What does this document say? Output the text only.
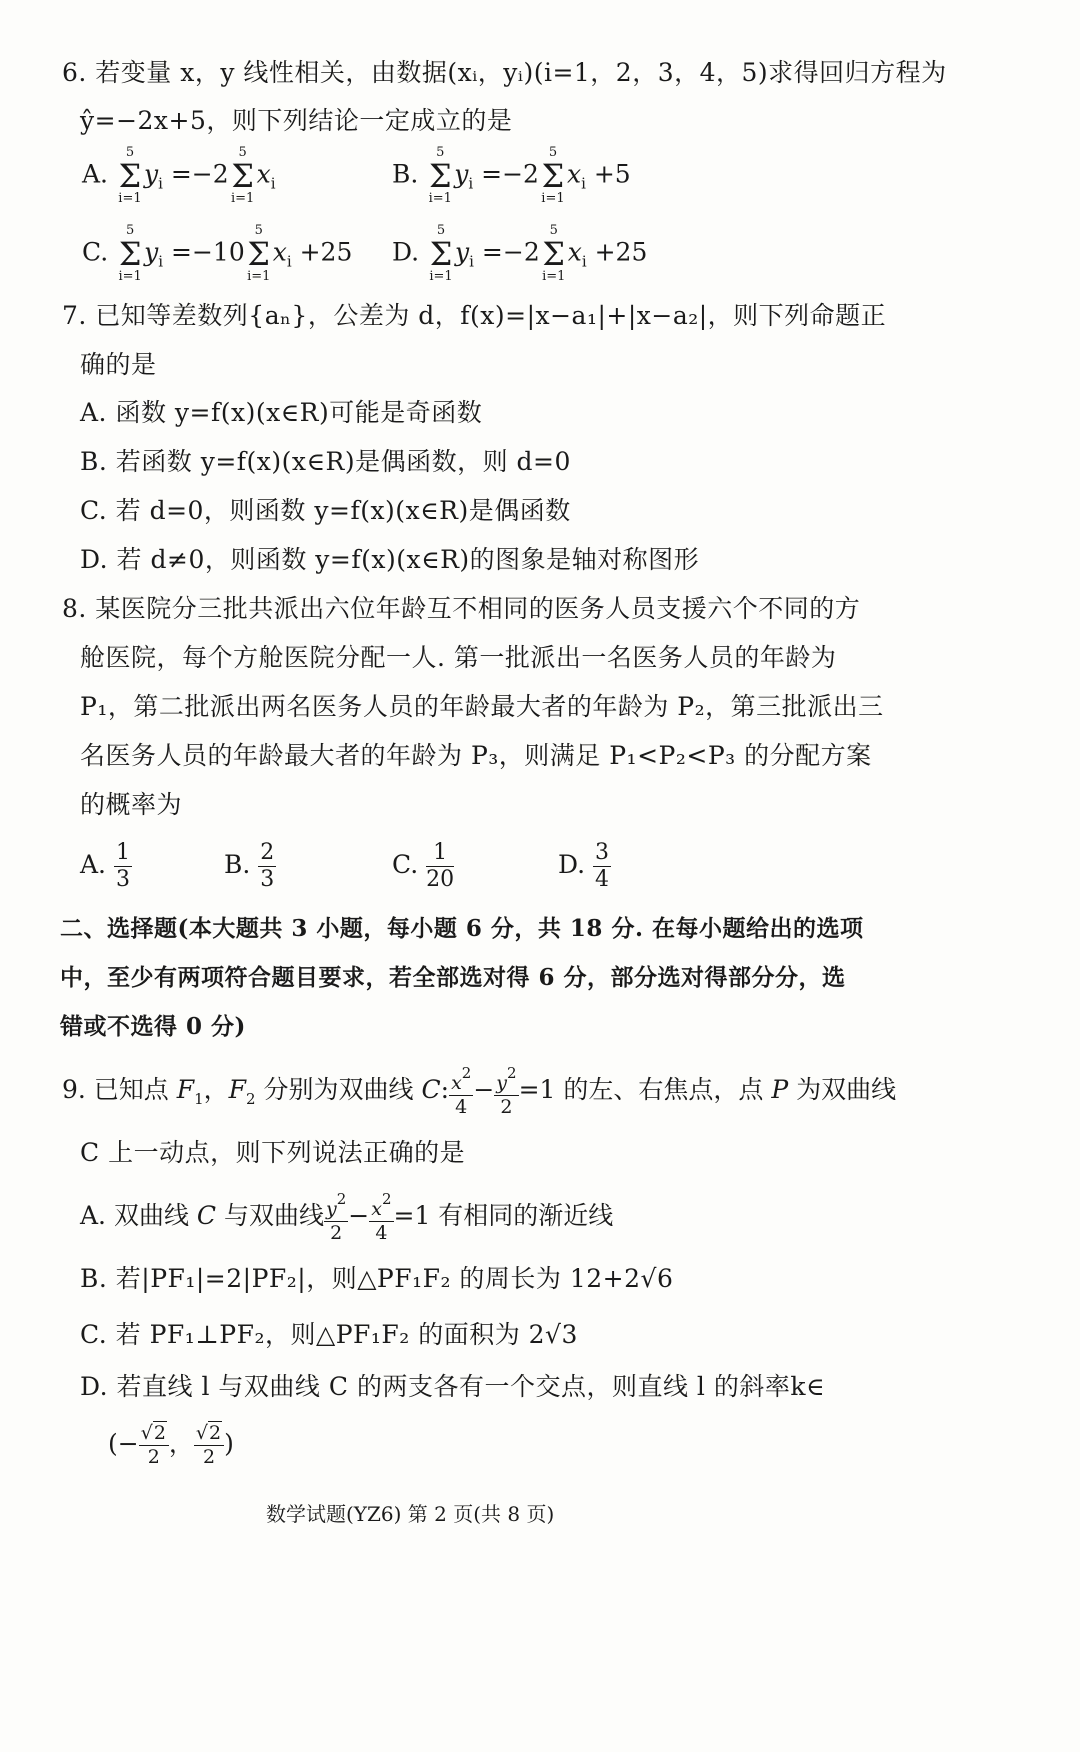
6. 若变量 x，y 线性相关，由数据(xᵢ，yᵢ)(i=1，2，3，4，5)求得回归方程为
ŷ=−2x+5，则下列结论一定成立的是
A.
5
Σ
i=1
$y_i =-2$
5
Σ
i=1
$x_i$	B.
5
Σ
i=1
$y_i =-2$
5
Σ
i=1
$x_i +5$
C.
5
Σ
i=1
$y_i =-10$
5
Σ
i=1
$x_i +25$ D.
5
Σ
i=1
$y_i =-2$
5
Σ
i=1
$x_i +25$
7. 已知等差数列{aₙ}，公差为 d，f(x)=|x−a₁|+|x−a₂|，则下列命题正
确的是
A. 函数 y=f(x)(x∈R)可能是奇函数
B. 若函数 y=f(x)(x∈R)是偶函数，则 d=0
C. 若 d=0，则函数 y=f(x)(x∈R)是偶函数
D. 若 d≠0，则函数 y=f(x)(x∈R)的图象是轴对称图形
8. 某医院分三批共派出六位年龄互不相同的医务人员支援六个不同的方
舱医院，每个方舱医院分配一人. 第一批派出一名医务人员的年龄为
P₁，第二批派出两名医务人员的年龄最大者的年龄为 P₂，第三批派出三
名医务人员的年龄最大者的年龄为 P₃，则满足 P₁<P₂<P₃ 的分配方案
的概率为
A. $\frac{1}{3}$	B. $\frac{2}{3}$	C. $\frac{1}{20}$	D. $\frac{3}{4}$
二、选择题(本大题共 3 小题，每小题 6 分，共 18 分. 在每小题给出的选项
中，至少有两项符合题目要求，若全部选对得 6 分，部分选对得部分分，选
错或不选得 0 分)
9. 已知点 $F_1$，$F_2$ 分别为双曲线 C: $\frac{x^2}{4} - \frac{y^2}{2} =1$ 的左、右焦点，点 P 为双曲线
C 上一动点，则下列说法正确的是
A. 双曲线 C 与双曲线 $\frac{y^2}{2} - \frac{x^2}{4} =1$ 有相同的渐近线
B. 若|PF₁|=2|PF₂|，则△PF₁F₂ 的周长为 12+2√6
C. 若 PF₁⊥PF₂，则△PF₁F₂ 的面积为 2√3
D. 若直线 l 与双曲线 C 的两支各有一个交点，则直线 l 的斜率k∈
(− $\frac{√2}{2}$ ， $\frac{√2}{2}$ )
数学试题(YZ6) 第 2 页(共 8 页)
